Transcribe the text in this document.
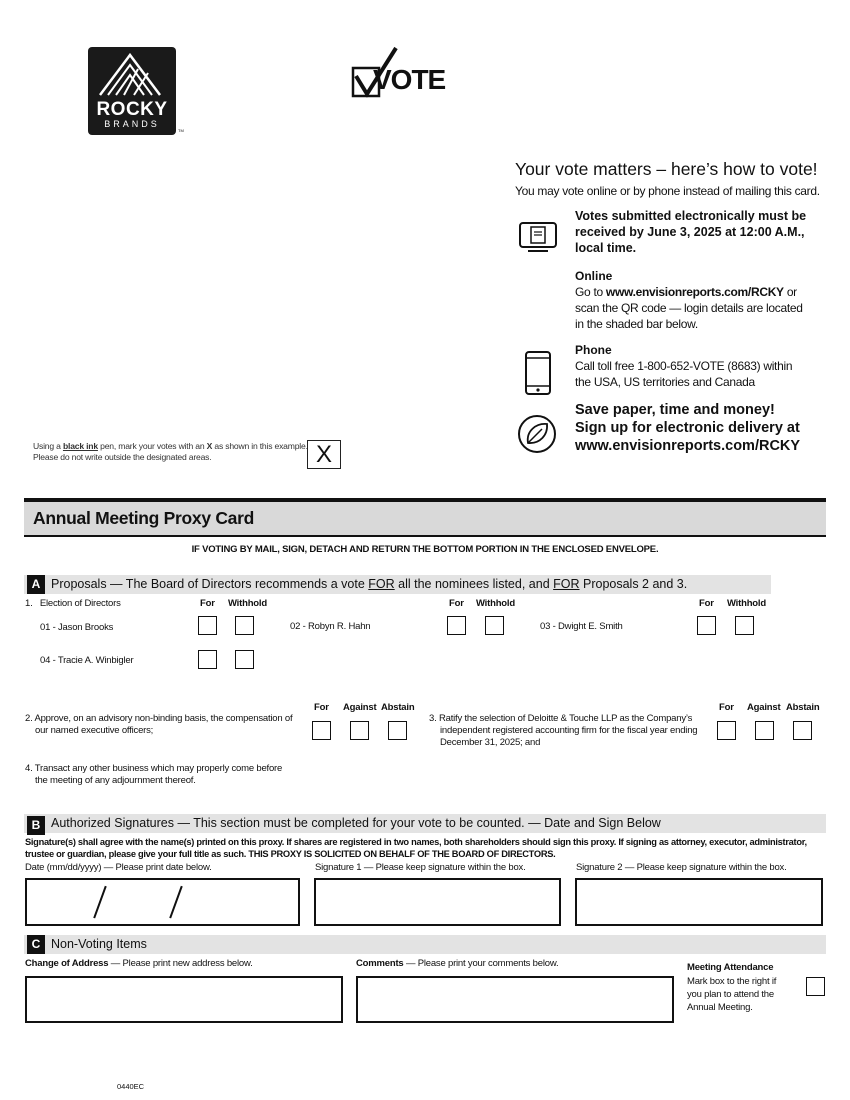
ROCKY
BRANDS
TM
VOTE
Your vote matters – here’s how to vote!
You may vote online or by phone instead of mailing this card.
Votes submitted electronically must be received by June 3, 2025 at 12:00 A.M., local time.
Online
Go to www.envisionreports.com/RCKY or scan the QR code — login details are located in the shaded bar below.
Phone
Call toll free 1-800-652-VOTE (8683) within the USA, US territories and Canada
Save paper, time and money!
Sign up for electronic delivery at
www.envisionreports.com/RCKY
Using a black ink pen, mark your votes with an X as shown in this example.
Please do not write outside the designated areas.	X
Annual Meeting Proxy Card
IF VOTING BY MAIL, SIGN, DETACH AND RETURN THE BOTTOM PORTION IN THE ENCLOSED ENVELOPE.
A Proposals — The Board of Directors recommends a vote FOR all the nominees listed, and FOR Proposals 2 and 3.
1.   Election of Directors	For Withhold	For Withhold	For Withhold
01 - Jason Brooks	02 - Robyn R. Hahn	03 - Dwight E. Smith
04 - Tracie A. Winbigler
For Against Abstain
2. Approve, on an advisory non-binding basis, the compensation of
our named executive officers;
For Against Abstain
3. Ratify the selection of Deloitte & Touche LLP as the Company’s
independent registered accounting firm for the fiscal year ending
December 31, 2025; and
4. Transact any other business which may properly come before
the meeting of any adjournment thereof.
B Authorized Signatures — This section must be completed for your vote to be counted. — Date and Sign Below
Signature(s) shall agree with the name(s) printed on this proxy. If shares are registered in two names, both shareholders should sign this proxy. If signing as attorney, executor, administrator,
trustee or guardian, please give your full title as such. THIS PROXY IS SOLICITED ON BEHALF OF THE BOARD OF DIRECTORS.
Date (mm/dd/yyyy) — Please print date below.	Signature 1 — Please keep signature within the box.	Signature 2 — Please keep signature within the box.
C Non-Voting Items
Change of Address — Please print new address below.	Comments — Please print your comments below.	Meeting Attendance
Mark box to the right if you plan to attend the Annual Meeting.
0440EC
